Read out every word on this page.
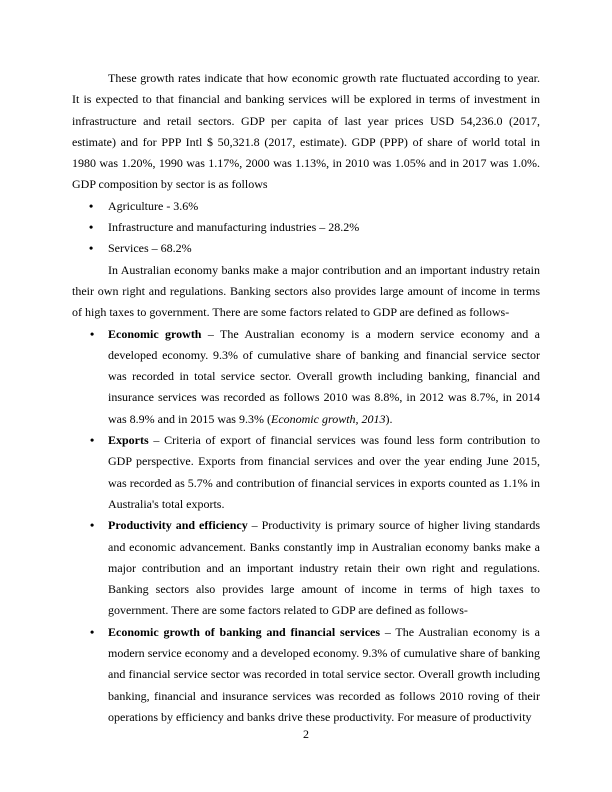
These growth rates indicate that how economic growth rate fluctuated according to year. It is expected to that financial and banking services will be explored in terms of investment in infrastructure and retail sectors. GDP per capita of last year prices USD 54,236.0 (2017, estimate) and for PPP Intl $ 50,321.8 (2017, estimate). GDP (PPP) of share of world total in 1980 was 1.20%, 1990 was 1.17%, 2000 was 1.13%, in 2010 was 1.05% and in 2017 was 1.0%. GDP composition by sector is as follows

• Agriculture - 3.6%
• Infrastructure and manufacturing industries – 28.2%
• Services – 68.2%

In Australian economy banks make a major contribution and an important industry retain their own right and regulations. Banking sectors also provides large amount of income in terms of high taxes to government. There are some factors related to GDP are defined as follows-

• Economic growth – The Australian economy is a modern service economy and a developed economy. 9.3% of cumulative share of banking and financial service sector was recorded in total service sector. Overall growth including banking, financial and insurance services was recorded as follows 2010 was 8.8%, in 2012 was 8.7%, in 2014 was 8.9% and in 2015 was 9.3% (Economic growth, 2013).
• Exports – Criteria of export of financial services was found less form contribution to GDP perspective. Exports from financial services and over the year ending June 2015, was recorded as 5.7% and contribution of financial services in exports counted as 1.1% in Australia's total exports.
• Productivity and efficiency – Productivity is primary source of higher living standards and economic advancement. Banks constantly imp in Australian economy banks make a major contribution and an important industry retain their own right and regulations. Banking sectors also provides large amount of income in terms of high taxes to government. There are some factors related to GDP are defined as follows-
• Economic growth of banking and financial services – The Australian economy is a modern service economy and a developed economy. 9.3% of cumulative share of banking and financial service sector was recorded in total service sector. Overall growth including banking, financial and insurance services was recorded as follows 2010 roving of their operations by efficiency and banks drive these productivity. For measure of productivity
2
